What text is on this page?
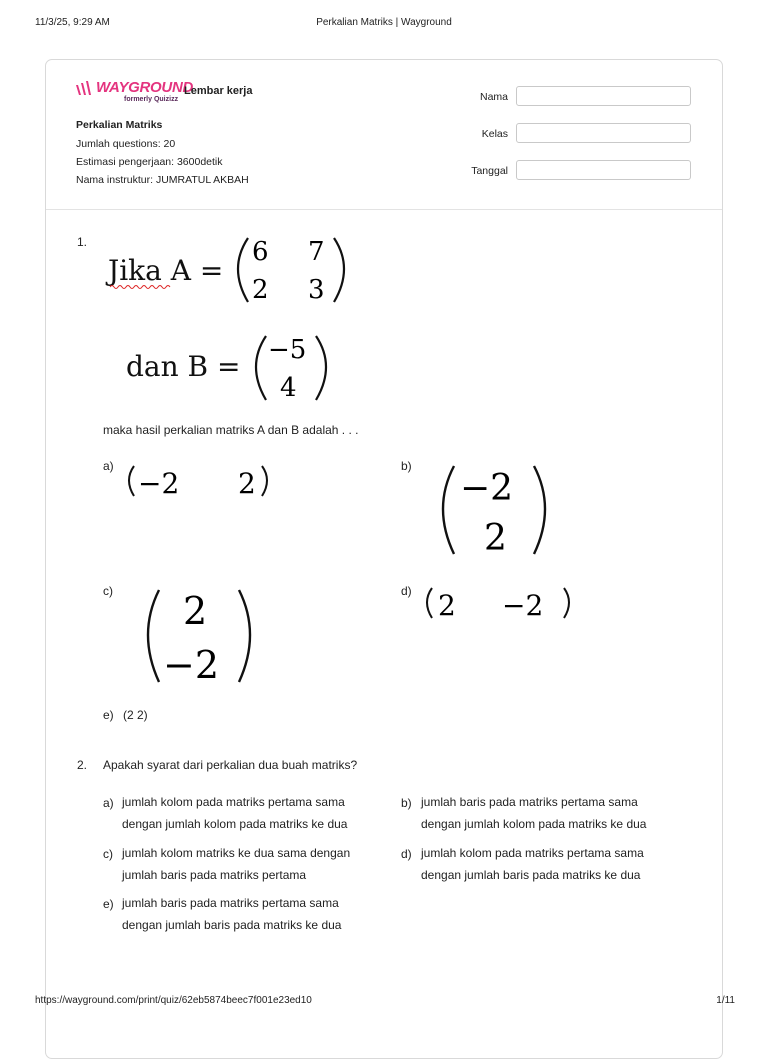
11/3/25, 9:29 AM	Perkalian Matriks | Wayground
WAYGROUND
formerly Quizizz
Lembar kerja
Perkalian Matriks
Jumlah questions: 20
Estimasi pengerjaan: 3600detik
Nama instruktur: JUMRATUL AKBAH
Nama
Kelas
Tanggal
1.
Jika A =
6 7
2 3
dan B = −5
4
maka hasil perkalian matriks A dan B adalah . . .
a)
−2 2
b)
−2
2
c) 2
−2
d) 2 −2
e) (2 2)
2. Apakah syarat dari perkalian dua buah matriks?
a) jumlah kolom pada matriks pertama sama
dengan jumlah kolom pada matriks ke dua
b) jumlah baris pada matriks pertama sama
dengan jumlah kolom pada matriks ke dua
c) jumlah kolom matriks ke dua sama dengan
jumlah baris pada matriks pertama
d) jumlah kolom pada matriks pertama sama
dengan jumlah baris pada matriks ke dua
e) jumlah baris pada matriks pertama sama
dengan jumlah baris pada matriks ke dua
https://wayground.com/print/quiz/62eb5874beec7f001e23ed10	1/11
